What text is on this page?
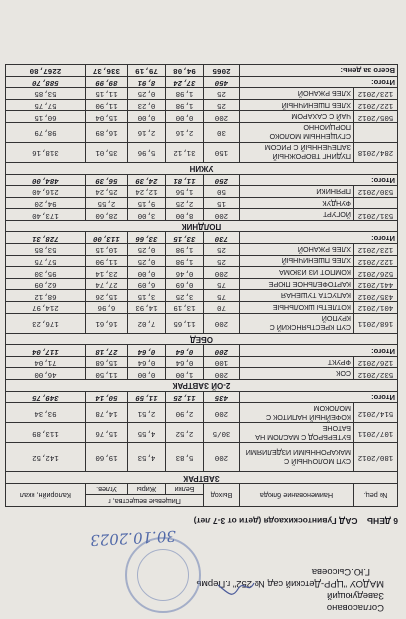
Согласовано
Заведующий
МАДОУ "ЦРР-Детский сад № 252" г.Пермь
Г.Ю.Сысоева
30.10.2023
6 ДЕНЬ    САД Гувинтоскихаодя (дети от 3-7 лет)
№ рец.	Наименование блюда	Выход	Пищевые вещества, г			Калорийн, ккал
			Белки	Жиры	Углев.	
ЗАВТРАК						
180/2012	СУП МОЛОЧНЫЙ С МАКАРОННЫМИ ИЗДЕЛИЯМИ	200	5,83	4,53	19,60	142,52
107/2011	БУТЕРБРОД С МАСЛОМ НА БАТОНЕ	30/5	2,52	4,55	15,76	113,89
514/2012	КОФЕЙНЫЙ НАПИТОК С МОЛОКОМ	200	2,90	2,51	14,78	93,34
Итого:		435	11,25	11,59	50,14	349,75
2-ОЙ ЗАВТРАК						
532/2012	СОК	200	1,00	0,00	11,50	46,00
126/2012	ФРУКТ	100	0,64	0,64	15,68	71,04
Итого:		200	0,64	0,64	27,18	117,04
ОБЕД						
168/2011	СУП КРЕСТЬЯНСКИЙ С КРУПОЙ	200	11,65	7,02	16,61	176,23
401/2012	КОТЛЕТЫ ШКОЛЬНЫЕ	70	13,19	14,93	6,96	214,97
435/2012	КАПУСТА ТУШЕНАЯ	75	3,25	3,15	15,26	68,12
441/2012	КАРТОФЕЛЬНОЕ ПЮРЕ	75	0,69	6,09	27,74	62,09
526/2012	КОМПОТ ИЗ ИЗЮМА	200	0,46	0,00	23,14	95,30
122/2012	ХЛЕБ ПШЕНИЧНЫЙ	25	1,98	0,25	11,90	57,75
123/2012	ХЛЕБ РЖАНОЙ	25	1,98	0,25	10,15	53,85
Итого:		730	33,15	33,66	113,00	728,31
ПОЛДНИК						
531/2012	ЙОГУРТ	200	8,00	3,00	28,60	173,40
	ФУНДУК	15	2,25	9,15	2,55	94,20
530/2012	ПРЯНИКИ	50	1,56	12,24	25,24	216,40
Итого:		250	11,81	24,39	56,39	484,00
УЖИН						
284/2018	ПУДИНГ ТВОРОЖНЫЙ ЗАПЕЧЕННЫЙ С РИСОМ	150	31,12	5,96	35,01	318,16
	СГУЩЕННЫМ МОЛОКО ПОРЦИОННО	30	2,16	2,16	16,89	98,79
505/2012	ЧАЙ С САХАРОМ	200	0,00	0,00	15,04	60,15
122/2012	ХЛЕБ ПШЕНИЧНЫЙ	25	1,98	0,23	11,90	57,75
123/2012	ХЛЕБ РЖАНОЙ	25	1,98	0,25	11,15	53,85
Итого:		450	37,24	8,91	89,99	588,70
Всего за день:		2065	94,08	79,19	336,37	2267,80
